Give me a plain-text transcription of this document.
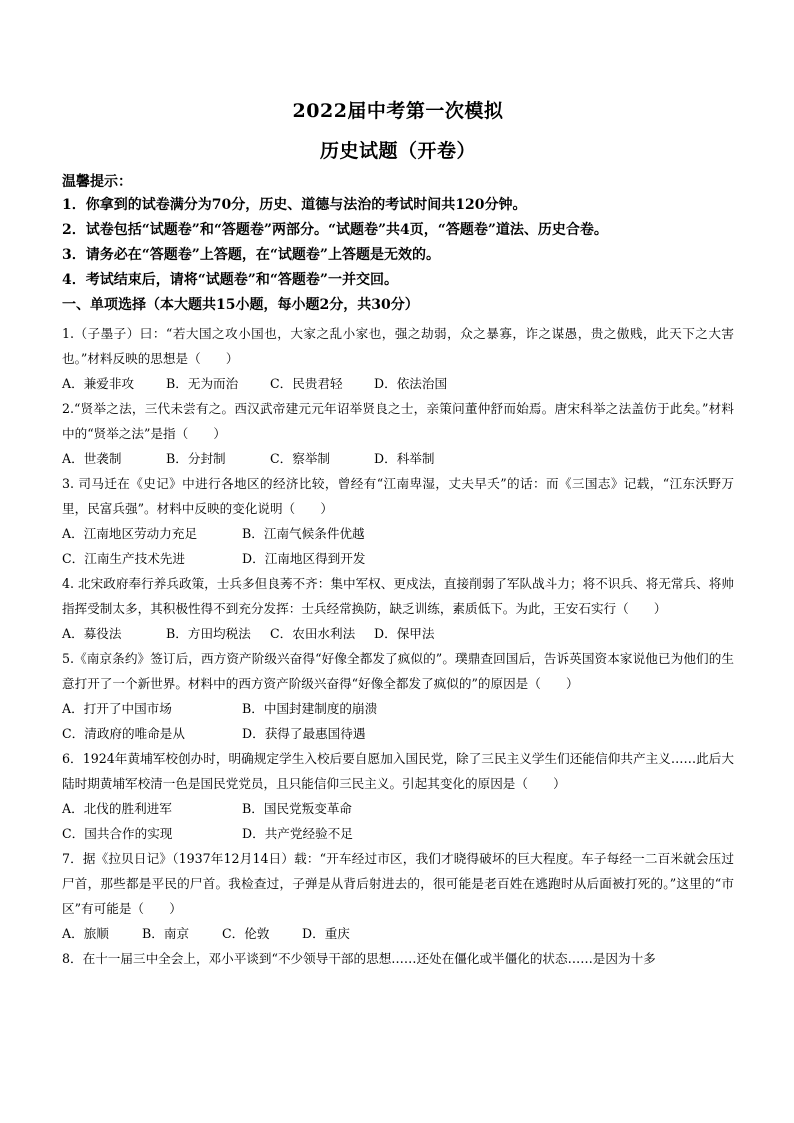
2022届中考第一次模拟
历史试题（开卷）
温馨提示：
1．你拿到的试卷满分为70分，历史、道德与法治的考试时间共120分钟。
2．试卷包括“试题卷”和“答题卷”两部分。“试题卷”共4页，“答题卷”道法、历史合卷。
3．请务必在“答题卷”上答题，在“试题卷”上答题是无效的。
4．考试结束后，请将“试题卷”和“答题卷”一并交回。
一、单项选择（本大题共15小题，每小题2分，共30分）
1.（子墨子）曰：“若大国之攻小国也，大家之乱小家也，强之劫弱，众之暴寡，诈之谋愚，贵之傲贱，此天下之大害也。”材料反映的思想是（　　）
A．兼爱非攻	B．无为而治	C．民贵君轻 D．依法治国
2.“贤举之法，三代未尝有之。西汉武帝建元元年诏举贤良之士，亲策问董仲舒而始焉。唐宋科举之法盖仿于此矣。”材料中的“贤举之法”是指（　　）
A．世袭制	B．分封制	C．察举制	D．科举制
3. 司马迁在《史记》中进行各地区的经济比较，曾经有“江南卑湿，丈夫早夭”的话：而《三国志》记载，“江东沃野万里，民富兵强”。材料中反映的变化说明（　　）
A．江南地区劳动力充足	B．江南气候条件优越
C．江南生产技术先进	D．江南地区得到开发
4. 北宋政府奉行养兵政策，士兵多但良莠不齐：集中军权、更戍法，直接削弱了军队战斗力；将不识兵、将无常兵、将帅指挥受制太多，其积极性得不到充分发挥：士兵经常换防，缺乏训练，素质低下。为此，王安石实行（　　）
A．募役法	B．方田均税法 C．农田水利法 D．保甲法
5.《南京条约》签订后，西方资产阶级兴奋得“好像全都发了疯似的”。璞鼎查回国后，告诉英国资本家说他已为他们的生意打开了一个新世界。材料中的西方资产阶级兴奋得“好像全都发了疯似的”的原因是（　　）
A．打开了中国市场	B．中国封建制度的崩溃
C．清政府的唯命是从	D．获得了最惠国待遇
6．1924年黄埔军校创办时，明确规定学生入校后要自愿加入国民党，除了三民主义学生们还能信仰共产主义……此后大陆时期黄埔军校清一色是国民党党员，且只能信仰三民主义。引起其变化的原因是（　　）
A．北伐的胜利进军	B．国民党叛变革命
C．国共合作的实现	D．共产党经验不足
7．据《拉贝日记》（1937年12月14日）载：“开车经过市区，我们才晓得破坏的巨大程度。车子每经一二百米就会压过尸首，那些都是平民的尸首。我检查过，子弹是从背后射进去的，很可能是老百姓在逃跑时从后面被打死的。”这里的“市区”有可能是（　　）
A．旅顺	B．南京	C．伦敦	D．重庆
8．在十一届三中全会上，邓小平谈到“不少领导干部的思想……还处在僵化或半僵化的状态……是因为十多
